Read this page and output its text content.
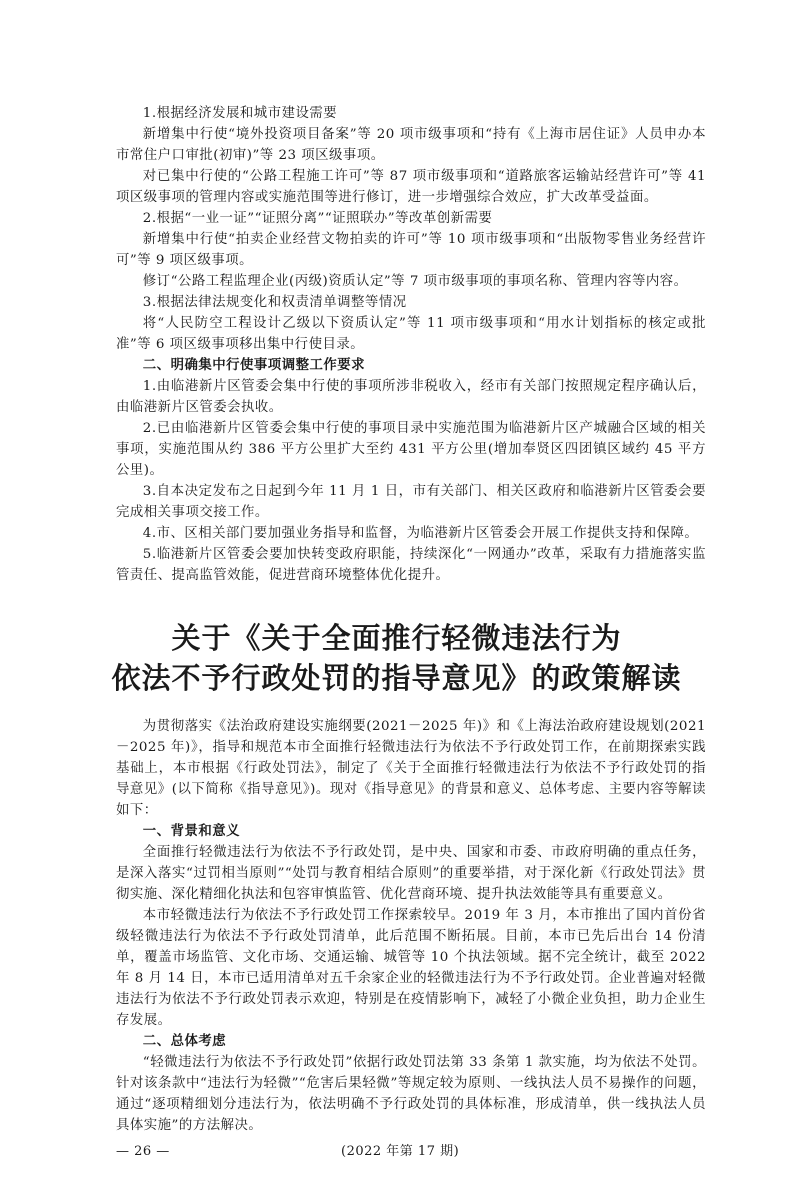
1.根据经济发展和城市建设需要

新增集中行使“境外投资项目备案”等 20 项市级事项和“持有《上海市居住证》人员申办本市常住户口审批(初审)”等 23 项区级事项。

对已集中行使的“公路工程施工许可”等 87 项市级事项和“道路旅客运输站经营许可”等 41 项区级事项的管理内容或实施范围等进行修订，进一步增强综合效应，扩大改革受益面。

2.根据“一业一证”“证照分离”“证照联办”等改革创新需要

新增集中行使“拍卖企业经营文物拍卖的许可”等 10 项市级事项和“出版物零售业务经营许可”等 9 项区级事项。

修订“公路工程监理企业(丙级)资质认定”等 7 项市级事项的事项名称、管理内容等内容。

3.根据法律法规变化和权责清单调整等情况

将“人民防空工程设计乙级以下资质认定”等 11 项市级事项和“用水计划指标的核定或批准”等 6 项区级事项移出集中行使目录。

二、明确集中行使事项调整工作要求

1.由临港新片区管委会集中行使的事项所涉非税收入，经市有关部门按照规定程序确认后，由临港新片区管委会执收。

2.已由临港新片区管委会集中行使的事项目录中实施范围为临港新片区产城融合区域的相关事项，实施范围从约 386 平方公里扩大至约 431 平方公里(增加奉贤区四团镇区域约 45 平方公里)。

3.自本决定发布之日起到今年 11 月 1 日，市有关部门、相关区政府和临港新片区管委会要完成相关事项交接工作。

4.市、区相关部门要加强业务指导和监督，为临港新片区管委会开展工作提供支持和保障。

5.临港新片区管委会要加快转变政府职能，持续深化“一网通办”改革，采取有力措施落实监管责任、提高监管效能，促进营商环境整体优化提升。

关于《关于全面推行轻微违法行为
依法不予行政处罚的指导意见》的政策解读

为贯彻落实《法治政府建设实施纲要(2021－2025 年)》和《上海法治政府建设规划(2021－2025 年)》，指导和规范本市全面推行轻微违法行为依法不予行政处罚工作，在前期探索实践基础上，本市根据《行政处罚法》，制定了《关于全面推行轻微违法行为依法不予行政处罚的指导意见》(以下简称《指导意见》)。现对《指导意见》的背景和意义、总体考虑、主要内容等解读如下：

一、背景和意义

全面推行轻微违法行为依法不予行政处罚，是中央、国家和市委、市政府明确的重点任务，是深入落实“过罚相当原则”“处罚与教育相结合原则”的重要举措，对于深化新《行政处罚法》贯彻实施、深化精细化执法和包容审慎监管、优化营商环境、提升执法效能等具有重要意义。

本市轻微违法行为依法不予行政处罚工作探索较早。2019 年 3 月，本市推出了国内首份省级轻微违法行为依法不予行政处罚清单，此后范围不断拓展。目前，本市已先后出台 14 份清单，覆盖市场监管、文化市场、交通运输、城管等 10 个执法领域。据不完全统计，截至 2022 年 8 月 14 日，本市已适用清单对五千余家企业的轻微违法行为不予行政处罚。企业普遍对轻微违法行为依法不予行政处罚表示欢迎，特别是在疫情影响下，减轻了小微企业负担，助力企业生存发展。

二、总体考虑

“轻微违法行为依法不予行政处罚”依据行政处罚法第 33 条第 1 款实施，均为依法不处罚。针对该条款中“违法行为轻微”“危害后果轻微”等规定较为原则、一线执法人员不易操作的问题，通过“逐项精细划分违法行为，依法明确不予行政处罚的具体标准，形成清单，供一线执法人员具体实施”的方法解决。

— 26 —	(2022 年第 17 期)
